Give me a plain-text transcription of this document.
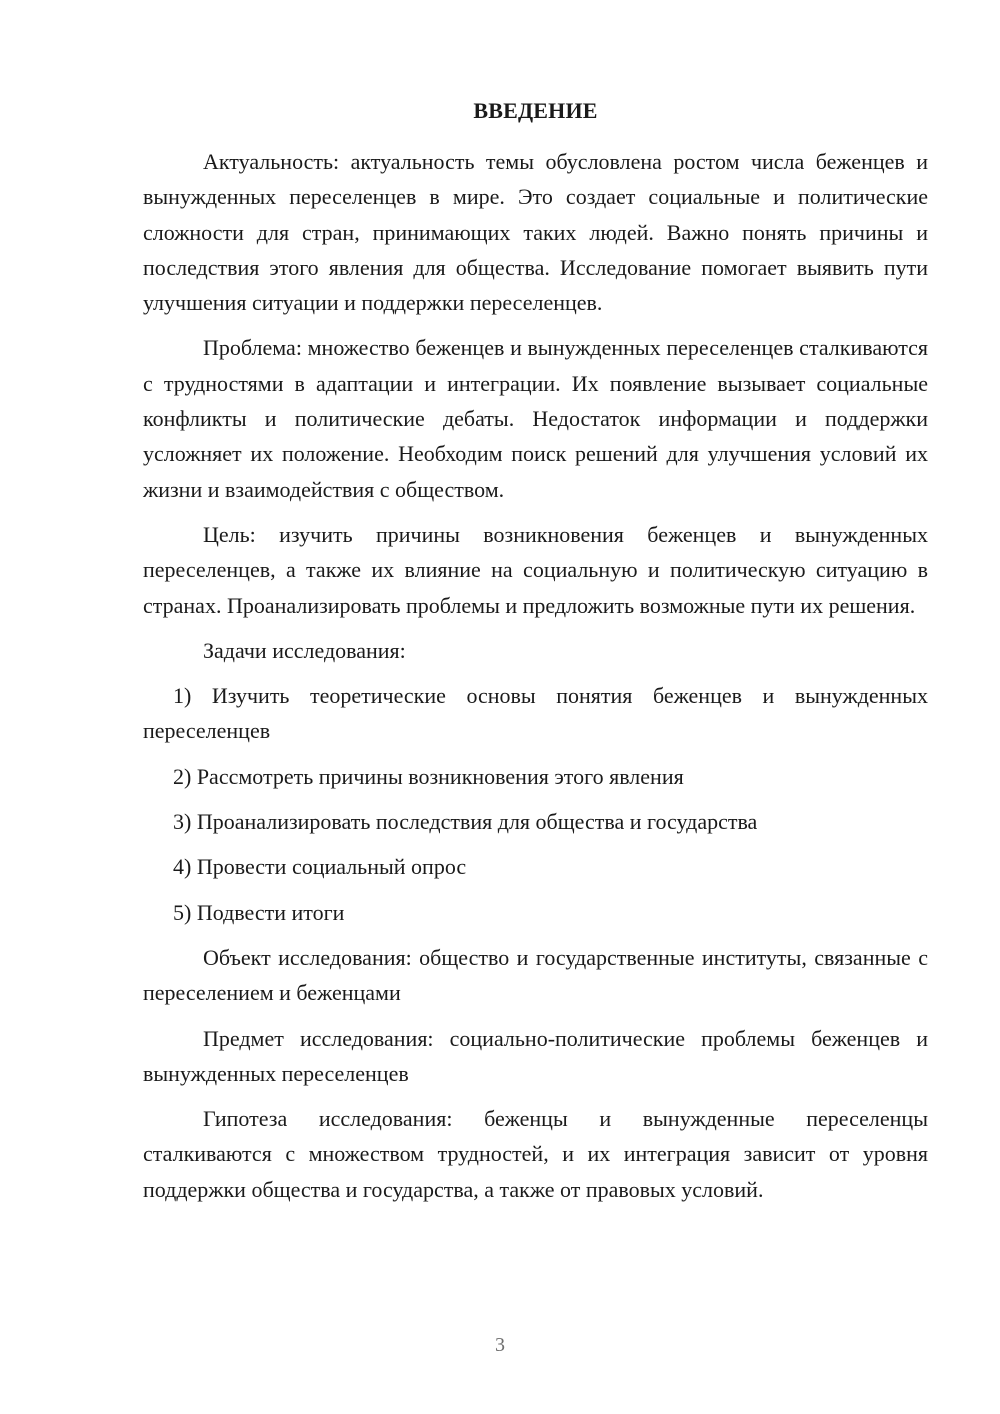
ВВЕДЕНИЕ

Актуальность: актуальность темы обусловлена ростом числа беженцев и вынужденных переселенцев в мире. Это создает социальные и политические сложности для стран, принимающих таких людей. Важно понять причины и последствия этого явления для общества. Исследование помогает выявить пути улучшения ситуации и поддержки переселенцев.

Проблема: множество беженцев и вынужденных переселенцев сталкиваются с трудностями в адаптации и интеграции. Их появление вызывает социальные конфликты и политические дебаты. Недостаток информации и поддержки усложняет их положение. Необходим поиск решений для улучшения условий их жизни и взаимодействия с обществом.

Цель: изучить причины возникновения беженцев и вынужденных переселенцев, а также их влияние на социальную и политическую ситуацию в странах. Проанализировать проблемы и предложить возможные пути их решения.

Задачи исследования:

1) Изучить теоретические основы понятия беженцев и вынужденных переселенцев

2) Рассмотреть причины возникновения этого явления

3) Проанализировать последствия для общества и государства

4) Провести социальный опрос

5) Подвести итоги

Объект исследования: общество и государственные институты, связанные с переселением и беженцами

Предмет исследования: социально-политические проблемы беженцев и вынужденных переселенцев

Гипотеза исследования: беженцы и вынужденные переселенцы сталкиваются с множеством трудностей, и их интеграция зависит от уровня поддержки общества и государства, а также от правовых условий.

3
